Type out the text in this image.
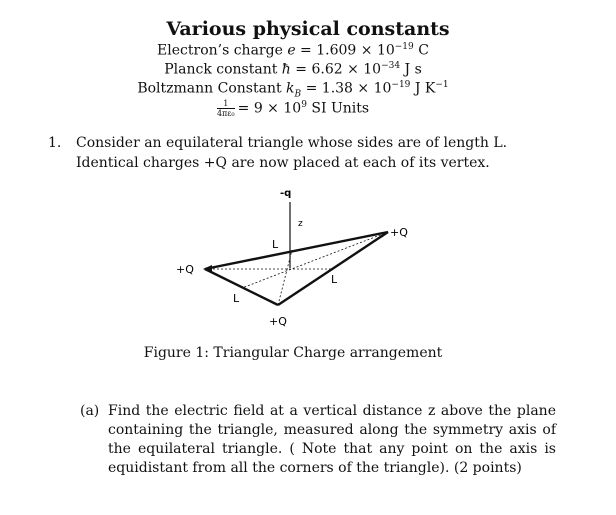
Various physical constants
Electron’s charge $e = 1.609 \times 10^{-19}$ C
Planck constant ħ = $6.62 \times 10^{-34}$ J s
Boltzmann Constant $k_B = 1.38 \times 10^{-19}$ J $K^{-1}$
$\frac{1}{\text{4πε₀}} = 9 \times 10^9$ SI Units
1. Consider an equilateral triangle whose sides are of length L. Identical charges +Q are now placed at each of its vertex.
-q
z
+Q
+Q
+Q
L
L
L
Figure 1: Triangular Charge arrangement
(a) Find the electric field at a vertical distance z above the plane containing the triangle, measured along the symmetry axis of the equilateral triangle. ( Note that any point on the axis is equidistant from all the corners of the triangle). (2 points)
